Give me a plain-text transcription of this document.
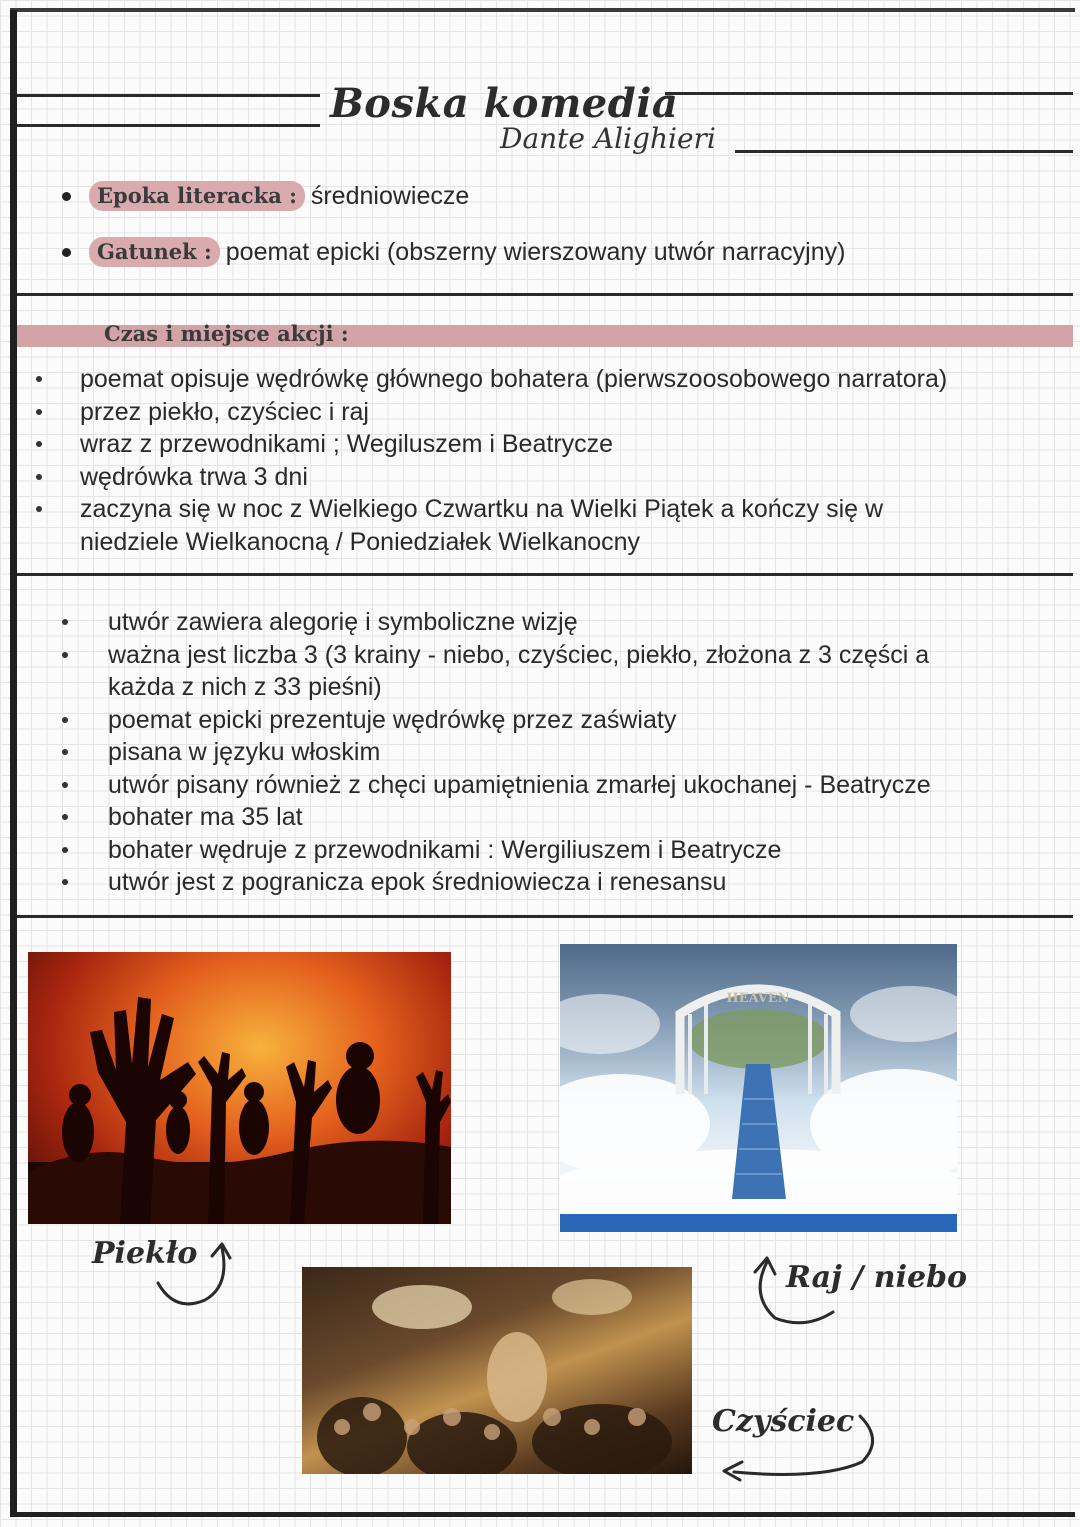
Boska komedia
Dante Alighieri
Epoka literacka : średniowiecze
Gatunek : poemat epicki (obszerny wierszowany utwór narracyjny)
Czas i miejsce akcji :
poemat opisuje wędrówkę głównego bohatera (pierwszoosobowego narratora)
przez piekło, czyściec i raj
wraz z przewodnikami ; Wegiluszem i Beatrycze
wędrówka trwa 3 dni
zaczyna się w noc z Wielkiego Czwartku na Wielki Piątek a kończy się w
niedziele Wielkanocną / Poniedziałek Wielkanocny
utwór zawiera alegorię i symboliczne wizję
ważna jest liczba 3 (3 krainy - niebo, czyściec, piekło, złożona z 3 części a
każda z nich z 33 pieśni)
poemat epicki prezentuje wędrówkę przez zaświaty
pisana w języku włoskim
utwór pisany również z chęci upamiętnienia zmarłej ukochanej - Beatrycze
bohater ma 35 lat
bohater wędruje z przewodnikami : Wergiliuszem i Beatrycze
utwór jest z pogranicza epok średniowiecza i renesansu
HEAVEN
Piekło
Raj / niebo
Czyściec
